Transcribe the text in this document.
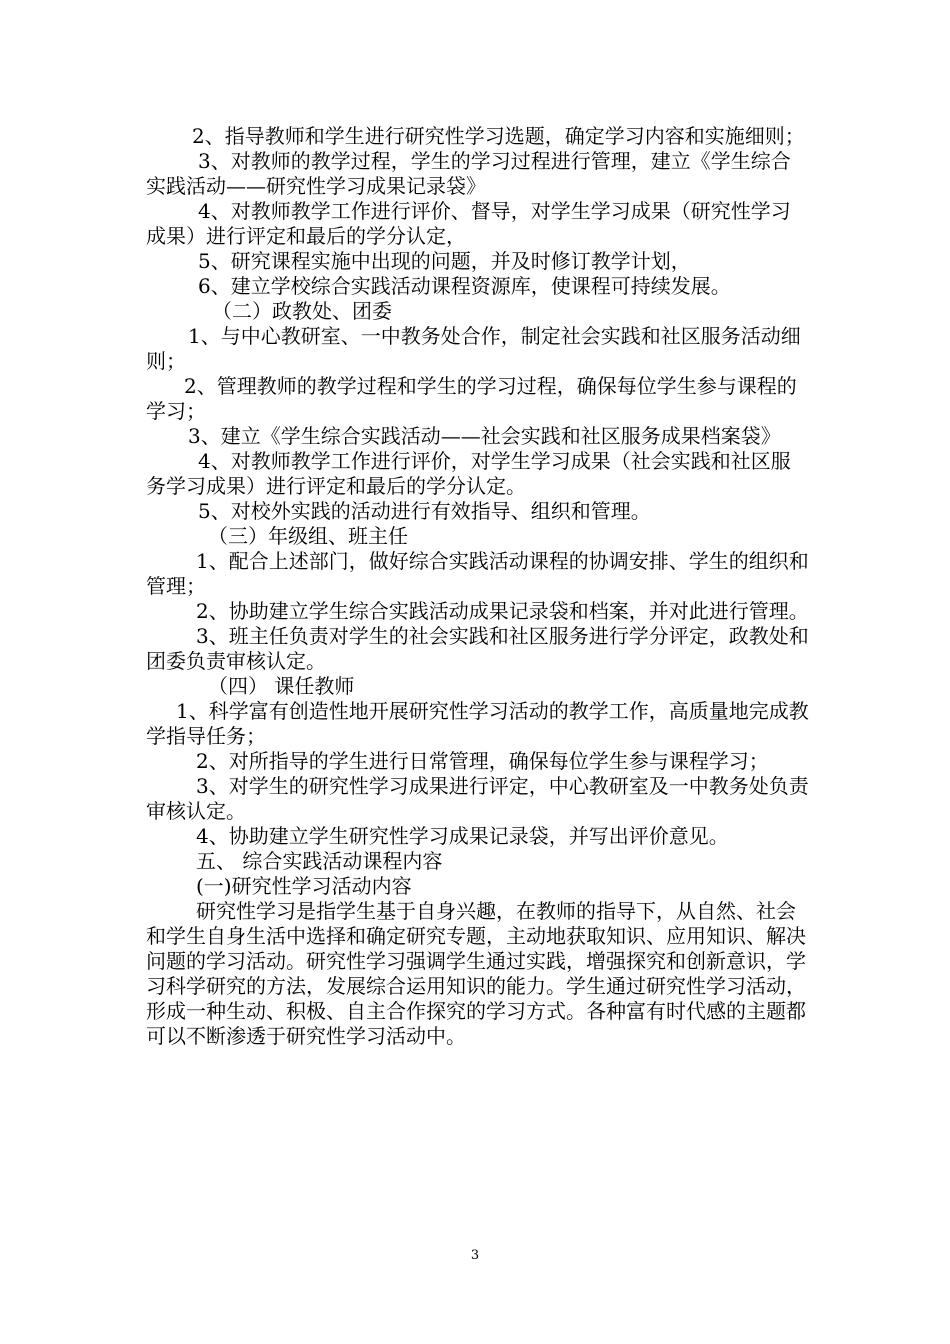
2、指导教师和学生进行研究性学习选题，确定学习内容和实施细则；

3、对教师的教学过程，学生的学习过程进行管理，建立《学生综合实践活动——研究性学习成果记录袋》

4、对教师教学工作进行评价、督导，对学生学习成果（研究性学习成果）进行评定和最后的学分认定，

5、研究课程实施中出现的问题，并及时修订教学计划，

6、建立学校综合实践活动课程资源库，使课程可持续发展。

（二）政教处、团委

1、与中心教研室、一中教务处合作，制定社会实践和社区服务活动细则；

2、管理教师的教学过程和学生的学习过程，确保每位学生参与课程的学习；

3、建立《学生综合实践活动——社会实践和社区服务成果档案袋》

4、对教师教学工作进行评价，对学生学习成果（社会实践和社区服务学习成果）进行评定和最后的学分认定。

5、对校外实践的活动进行有效指导、组织和管理。

（三）年级组、班主任

1、配合上述部门，做好综合实践活动课程的协调安排、学生的组织和管理；

2、协助建立学生综合实践活动成果记录袋和档案，并对此进行管理。

3、班主任负责对学生的社会实践和社区服务进行学分评定，政教处和团委负责审核认定。

（四） 课任教师

1、科学富有创造性地开展研究性学习活动的教学工作，高质量地完成教学指导任务；

2、对所指导的学生进行日常管理，确保每位学生参与课程学习；

3、对学生的研究性学习成果进行评定，中心教研室及一中教务处负责审核认定。

4、协助建立学生研究性学习成果记录袋，并写出评价意见。

五、 综合实践活动课程内容

(一)研究性学习活动内容

研究性学习是指学生基于自身兴趣，在教师的指导下，从自然、社会和学生自身生活中选择和确定研究专题，主动地获取知识、应用知识、解决问题的学习活动。研究性学习强调学生通过实践，增强探究和创新意识，学习科学研究的方法，发展综合运用知识的能力。学生通过研究性学习活动，形成一种生动、积极、自主合作探究的学习方式。各种富有时代感的主题都可以不断渗透于研究性学习活动中。

3
